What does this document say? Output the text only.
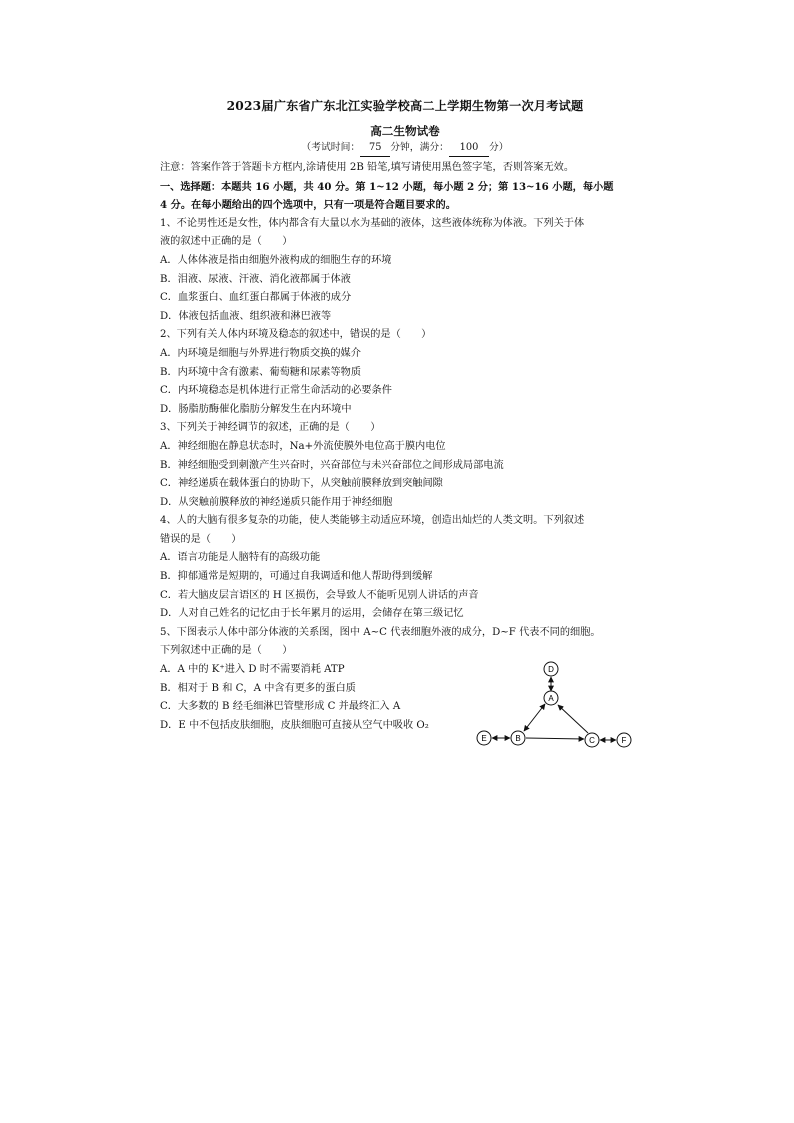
2023届广东省广东北江实验学校高二上学期生物第一次月考试题

高二生物试卷

（考试时间： 75 分钟，满分： 100 分）

注意：答案作答于答题卡方框内,涂请使用 2B 铅笔,填写请使用黑色签字笔，否则答案无效。

一、选择题：本题共 16 小题，共 40 分。第 1~12 小题，每小题 2 分；第 13~16 小题，每小题

4 分。在每小题给出的四个选项中，只有一项是符合题目要求的。

1、不论男性还是女性，体内都含有大量以水为基础的液体，这些液体统称为体液。下列关于体

液的叙述中正确的是（　　）

A．人体体液是指由细胞外液构成的细胞生存的环境

B．泪液、尿液、汗液、消化液都属于体液

C．血浆蛋白、血红蛋白都属于体液的成分

D．体液包括血液、组织液和淋巴液等

2、下列有关人体内环境及稳态的叙述中，错误的是（　　）

A．内环境是细胞与外界进行物质交换的媒介

B．内环境中含有激素、葡萄糖和尿素等物质

C．内环境稳态是机体进行正常生命活动的必要条件

D．肠脂肪酶催化脂肪分解发生在内环境中

3、下列关于神经调节的叙述，正确的是（　　）

A．神经细胞在静息状态时，Na+外流使膜外电位高于膜内电位

B．神经细胞受到刺激产生兴奋时，兴奋部位与未兴奋部位之间形成局部电流

C．神经递质在载体蛋白的协助下，从突触前膜释放到突触间隙

D．从突触前膜释放的神经递质只能作用于神经细胞

4、人的大脑有很多复杂的功能，使人类能够主动适应环境，创造出灿烂的人类文明。下列叙述

错误的是（　　）

A．语言功能是人脑特有的高级功能

B．抑郁通常是短期的，可通过自我调适和他人帮助得到缓解

C．若大脑皮层言语区的 H 区损伤，会导致人不能听见别人讲话的声音

D．人对自己姓名的记忆由于长年累月的运用，会储存在第三级记忆

5、下图表示人体中部分体液的关系图，图中 A~C 代表细胞外液的成分，D~F 代表不同的细胞。

下列叙述中正确的是（　　）

A．A 中的 K⁺进入 D 时不需要消耗 ATP

B．相对于 B 和 C，A 中含有更多的蛋白质

C．大多数的 B 经毛细淋巴管壁形成 C 并最终汇入 A

D．E 中不包括皮肤细胞，皮肤细胞可直接从空气中吸收 O₂

D
A
E	B	C	F
